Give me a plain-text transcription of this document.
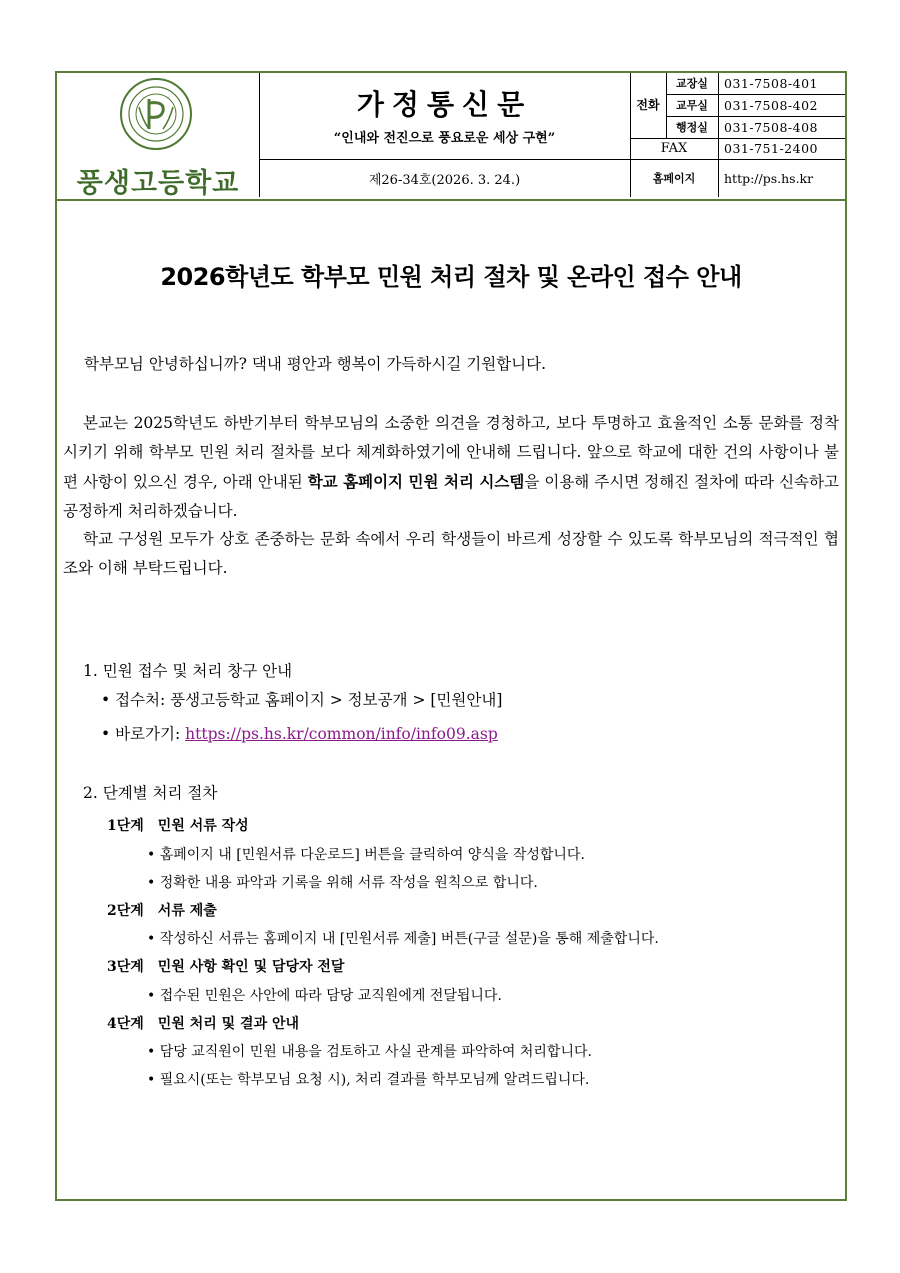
풍생고등학교
가정통신문
“인내와 전진으로 풍요로운 세상 구현”
제26-34호(2026. 3. 24.)
전화
교장실	031-7508-401
교무실	031-7508-402
행정실	031-7508-408
FAX	031-751-2400
홈페이지	http://ps.hs.kr
2026학년도 학부모 민원 처리 절차 및 온라인 접수 안내
학부모님 안녕하십니까? 댁내 평안과 행복이 가득하시길 기원합니다.
본교는 2025학년도 하반기부터 학부모님의 소중한 의견을 경청하고, 보다 투명하고 효율적인 소통 문화를 정착시키기 위해 학부모 민원 처리 절차를 보다 체계화하였기에 안내해 드립니다. 앞으로 학교에 대한 건의 사항이나 불편 사항이 있으신 경우, 아래 안내된 학교 홈페이지 민원 처리 시스템을 이용해 주시면 정해진 절차에 따라 신속하고 공정하게 처리하겠습니다.
학교 구성원 모두가 상호 존중하는 문화 속에서 우리 학생들이 바르게 성장할 수 있도록 학부모님의 적극적인 협조와 이해 부탁드립니다.
1. 민원 접수 및 처리 창구 안내
• 접수처: 풍생고등학교 홈페이지 > 정보공개 > [민원안내]
• 바로가기: https://ps.hs.kr/common/info/info09.asp
2. 단계별 처리 절차
1단계 민원 서류 작성
• 홈페이지 내 [민원서류 다운로드] 버튼을 클릭하여 양식을 작성합니다.
• 정확한 내용 파악과 기록을 위해 서류 작성을 원칙으로 합니다.
2단계 서류 제출
• 작성하신 서류는 홈페이지 내 [민원서류 제출] 버튼(구글 설문)을 통해 제출합니다.
3단계 민원 사항 확인 및 담당자 전달
• 접수된 민원은 사안에 따라 담당 교직원에게 전달됩니다.
4단계 민원 처리 및 결과 안내
• 담당 교직원이 민원 내용을 검토하고 사실 관계를 파악하여 처리합니다.
• 필요시(또는 학부모님 요청 시), 처리 결과를 학부모님께 알려드립니다.
